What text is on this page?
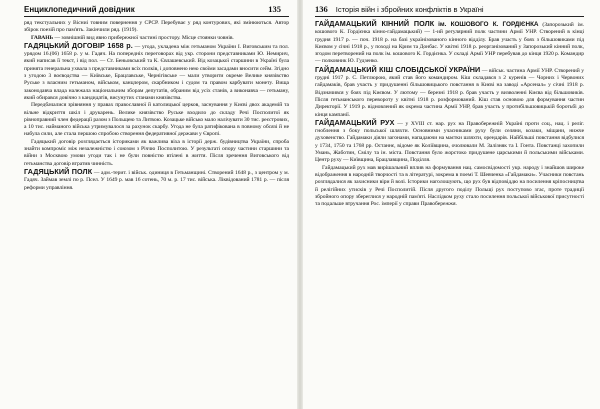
Енциклопедичний довідник	135

ряд текстуальних у Вісниі товним повернення у СРСР. Перебуває у ряд контурових, які змінюються. Автор збірок поезій про пам'ять. Закінчили ряд. (1919).

ГАВАНЬ — зовнішній вид явно прибережної частині простору. Місце стоянки човнів.

ГАДЯЦЬКИЙ ДОГОВІР 1658 р. — угода, укладена між гетьманом України І. Виговським та пол. урядом 16.(06) 1658 р. у м. Гадяч. На попередніх переговорах від укр. сторони представниками Ю. Немирич, який написав її текст, і від пол. — Ст. Беньовський та К. Євлашевський. Від козацької старшини в Україні була принята генеральна ухвала з представниками всіх полків, і доповнено нею своїми засадами вносити сейм. Згідно з угодою 3 воєводства — Київське, Брацлавське, Чернігівське — мали утворити окреме Велике князівство Руське з власним гетьманом, військом, канцлером, скарбником і судом та правом карбувати монету. Вища законодавча влада належала національним зборам депутатів, обраним від усіх станів, а виконавча — гетьману, який обирався довічно з кандидатів, висунутих станами князівства.

Передбачалися зрівняння у правах православної й католицької церков, заснування у Києві двох академій та вільне відкриття шкіл і друкарень. Велике князівство Руське входило до складу Речі Посполитої як рівноправний член федерації разом з Польщею та Литвою. Козацьке військо мало налічувати 30 тис. реєстрових, а 10 тис. найманого війська утримувалося за рахунок скарбу. Угода не була ратифікована в повному обсязі й не набула сили, але стала першою спробою створення федеративної держави у Європі.

Гадяцький договір розглядається істориками як важлива віха в історії держ. будівництва України, спроба знайти компроміс між незалежністю і союзом з Річчю Посполитою. У результаті опору частини старшини та війни з Москвою умови угоди так і не були повністю втілені в життя. Після зречення Виговського від гетьманства договір втратив чинність.

ГАДЯЦЬКИЙ ПОЛК — адм.-терит. і військ. одиниця в Гетьманщині. Створений 1648 р., з центром у м. Гадяч. Займав землі по р. Псел. У 1649 р. мав 16 сотень, 70 м. р. 17 тис. війська. Ліквідований 1781 р. — після реформи управління.

136 Історія війн і збройних конфліктів в Україні

ГАЙДАМАЦЬКИЙ КІННИЙ ПОЛК ім. КОШОВОГО К. ГОРДІЄНКА (Запорозький ім. кошового К. Гордієнка кінно-гайдамацький) — 1-ий регулярний полк частини Армії УНР. Створений в кінці грудня 1917 р. — поч. 1918 р. на базі українізованого кінного відділу. Брав участь у боях з більшовиками під Києвом у січні 1918 р., у поході на Крим та Донбас. У квітні 1918 р. реорганізований у Запорозький кінний полк, згодом перетворений на полк ім. кошового К. Гордієнка. У складі Армії УНР перебував до кінця 1920 р. Командир — полковник Ю. Гудзенко.

ГАЙДАМАЦЬКИЙ КІШ СЛОБІДСЬКОЇ УКРАЇНИ — військ. частина Армії УНР. Створений у грудні 1917 р. С. Петлюрою, який став його командиром. Кіш складався з 2 куренів — Чорних і Червоних гайдамаків, брав участь у придушенні більшовицького повстання в Києві на заводі «Арсенал» у січні 1918 р. Відзначився у боях під Києвом. У лютому — березні 1918 р. брав участь у визволенні Києва від більшовиків. Після гетьманського перевороту у квітні 1918 р. розформований. Кіш став основою для формування частин Директорії. У 1919 р. відновлений як окрема частина Армії УНР, брав участь у протибільшовицькій боротьбі до кінця кампанії.

ГАЙДАМАЦЬКИЙ РУХ — у XVIII ст. нар. рух на Правобережній Україні проти соц., нац. і реліг. гноблення з боку польської шляхти. Основними учасниками руху були селяни, козаки, міщани, нижче духовенство. Гайдамаки діяли загонами, нападаючи на маєтки шляхти, орендарів. Найбільші повстання відбулися у 1734, 1750 та 1768 рр. Останнє, відоме як Коліївщина, очолювали М. Залізняк та І. Гонта. Повстанці захопили Умань, Жаботин, Смілу та ін. міста. Повстання було жорстоко придушене царськими й польськими військами. Центр руху — Київщина, Брацлавщина, Поділля.

Гайдамацький рух мав вирішальний вплив на формування нац. самосвідомості укр. народу і знайшов широке відображення в народній творчості та в літературі, зокрема в поемі Т. Шевченка «Гайдамаки». Учасники повстань розглядалися як захисники віри й волі. Історики наголошують, що рух був відповіддю на посилення кріпосництва й релігійних утисків у Речі Посполитій. Після другого поділу Польщі рух поступово згас, проте традиції збройного опору збереглися у народній пам'яті. Наслідком руху стало посилення польської військової присутності та подальше втручання Рос. імперії у справи Правобережжя.
